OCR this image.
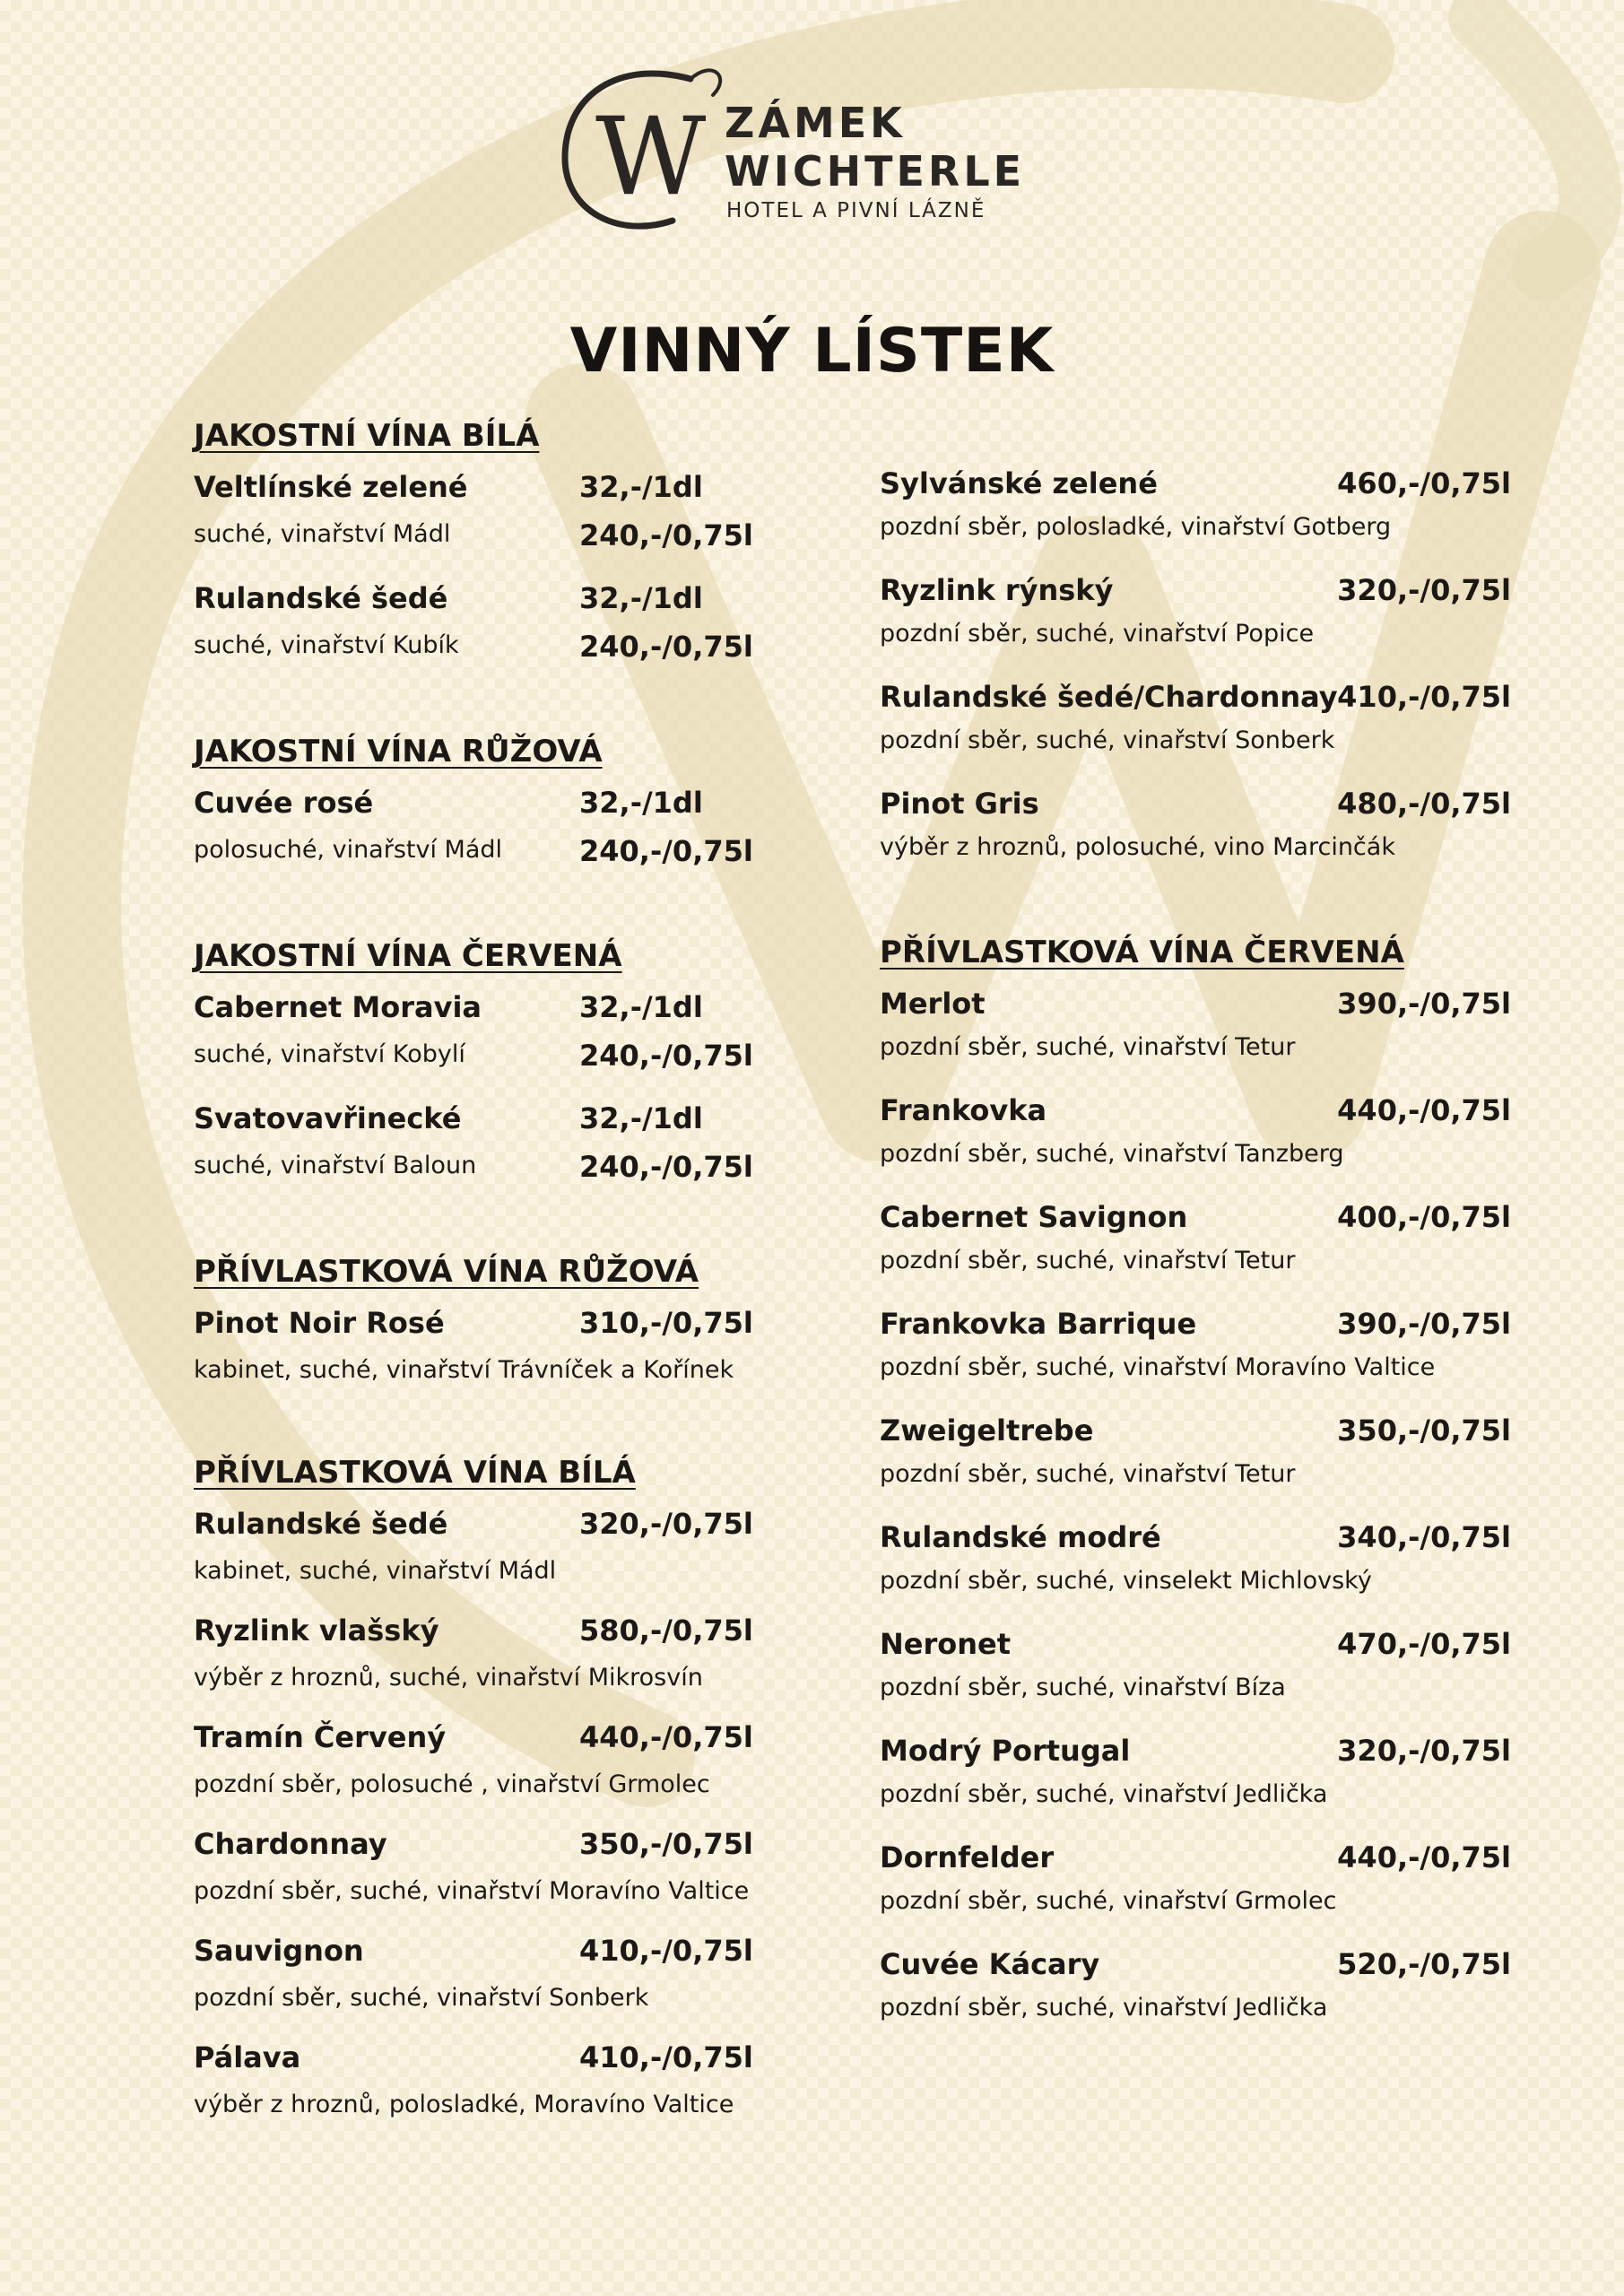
W ZÁMEK
WICHTERLE
HOTEL A PIVNÍ LÁZNĚ
VINNÝ LÍSTEK
JAKOSTNÍ VÍNA BÍLÁ
Veltlínské zelené	32,-/1dl
suché, vinařství Mádl	240,-/0,75l
Rulandské šedé	32,-/1dl
suché, vinařství Kubík	240,-/0,75l
JAKOSTNÍ VÍNA RŮŽOVÁ
Cuvée rosé	32,-/1dl
polosuché, vinařství Mádl	240,-/0,75l
JAKOSTNÍ VÍNA ČERVENÁ
Cabernet Moravia	32,-/1dl
suché, vinařství Kobylí	240,-/0,75l
Svatovavřinecké	32,-/1dl
suché, vinařství Baloun	240,-/0,75l
PŘÍVLASTKOVÁ VÍNA RŮŽOVÁ
Pinot Noir Rosé	310,-/0,75l
kabinet, suché, vinařství Trávníček a Kořínek
PŘÍVLASTKOVÁ VÍNA BÍLÁ
Rulandské šedé	320,-/0,75l
kabinet, suché, vinařství Mádl
Ryzlink vlašský	580,-/0,75l
výběr z hroznů, suché, vinařství Mikrosvín
Tramín Červený	440,-/0,75l
pozdní sběr, polosuché , vinařství Grmolec
Chardonnay	350,-/0,75l
pozdní sběr, suché, vinařství Moravíno Valtice
Sauvignon	410,-/0,75l
pozdní sběr, suché, vinařství Sonberk
Pálava	410,-/0,75l
výběr z hroznů, polosladké, Moravíno Valtice
Sylvánské zelené	460,-/0,75l
pozdní sběr, polosladké, vinařství Gotberg
Ryzlink rýnský	320,-/0,75l
pozdní sběr, suché, vinařství Popice
Rulandské šedé/Chardonnay 410,-/0,75l
pozdní sběr, suché, vinařství Sonberk
Pinot Gris	480,-/0,75l
výběr z hroznů, polosuché, vino Marcinčák
PŘÍVLASTKOVÁ VÍNA ČERVENÁ
Merlot	390,-/0,75l
pozdní sběr, suché, vinařství Tetur
Frankovka	440,-/0,75l
pozdní sběr, suché, vinařství Tanzberg
Cabernet Savignon	400,-/0,75l
pozdní sběr, suché, vinařství Tetur
Frankovka Barrique	390,-/0,75l
pozdní sběr, suché, vinařství Moravíno Valtice
Zweigeltrebe	350,-/0,75l
pozdní sběr, suché, vinařství Tetur
Rulandské modré	340,-/0,75l
pozdní sběr, suché, vinselekt Michlovský
Neronet	470,-/0,75l
pozdní sběr, suché, vinařství Bíza
Modrý Portugal	320,-/0,75l
pozdní sběr, suché, vinařství Jedlička
Dornfelder	440,-/0,75l
pozdní sběr, suché, vinařství Grmolec
Cuvée Kácary	520,-/0,75l
pozdní sběr, suché, vinařství Jedlička
